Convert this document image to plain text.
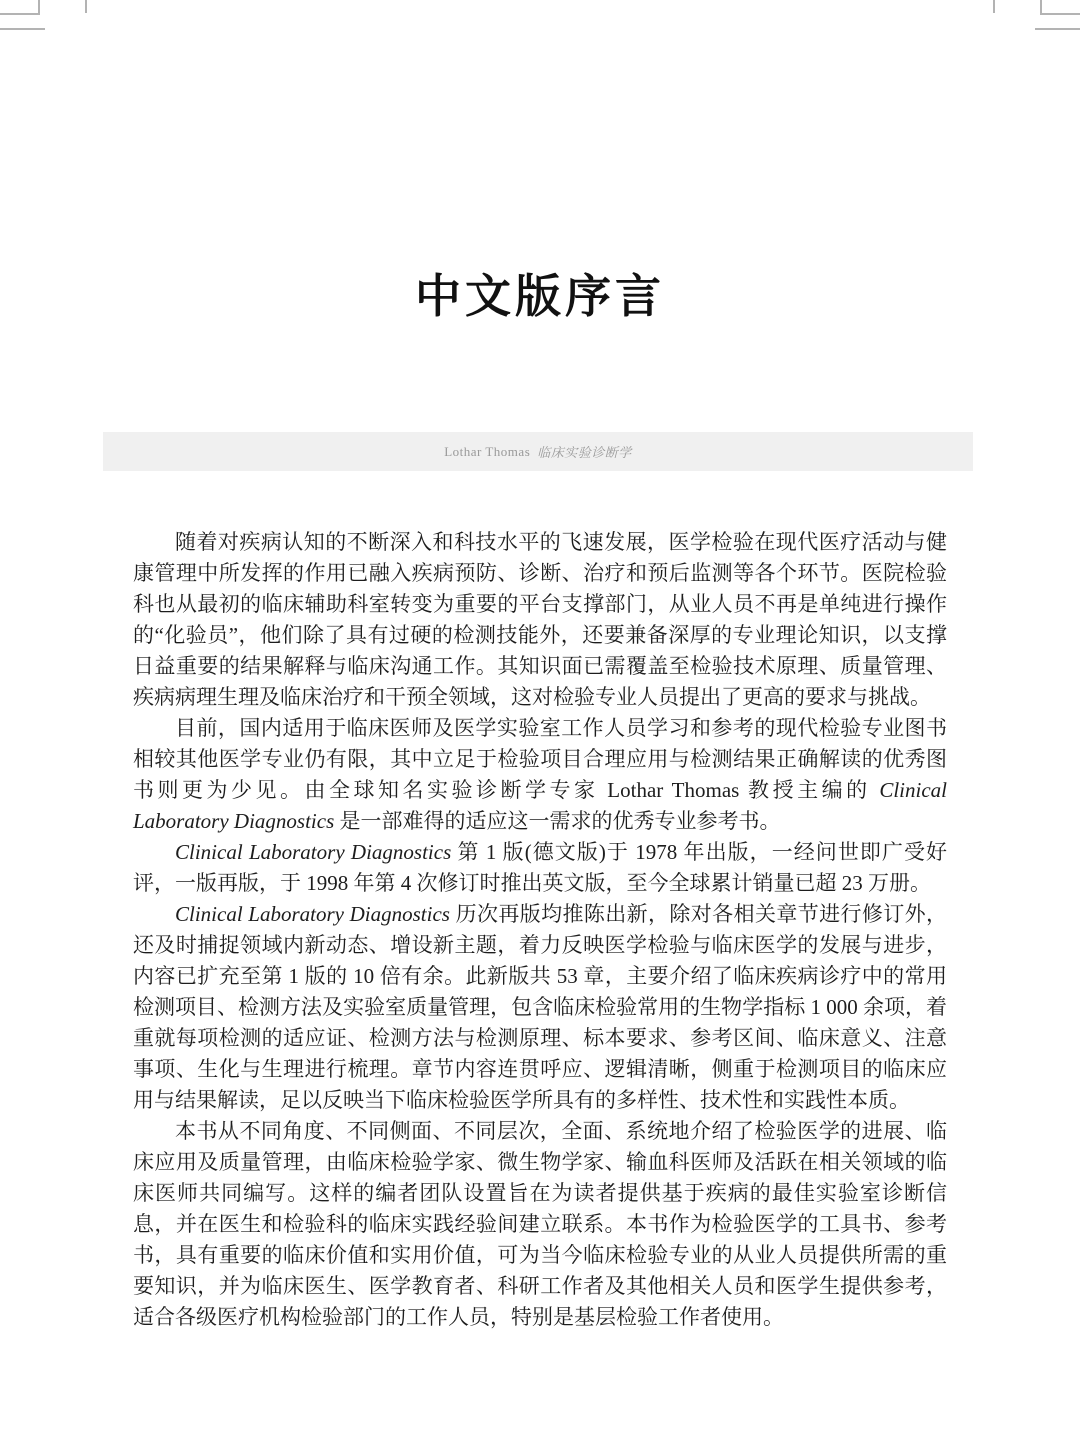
中文版序言
Lothar Thomas 临床实验诊断学

随着对疾病认知的不断深入和科技水平的飞速发展，医学检验在现代医疗活动与健康管理中所发挥的作用已融入疾病预防、诊断、治疗和预后监测等各个环节。医院检验科也从最初的临床辅助科室转变为重要的平台支撑部门，从业人员不再是单纯进行操作的“化验员”，他们除了具有过硬的检测技能外，还要兼备深厚的专业理论知识，以支撑日益重要的结果解释与临床沟通工作。其知识面已需覆盖至检验技术原理、质量管理、疾病病理生理及临床治疗和干预全领域，这对检验专业人员提出了更高的要求与挑战。

目前，国内适用于临床医师及医学实验室工作人员学习和参考的现代检验专业图书相较其他医学专业仍有限，其中立足于检验项目合理应用与检测结果正确解读的优秀图书则更为少见。由全球知名实验诊断学专家 Lothar Thomas 教授主编的 Clinical Laboratory Diagnostics 是一部难得的适应这一需求的优秀专业参考书。

Clinical Laboratory Diagnostics 第 1 版(德文版)于 1978 年出版，一经问世即广受好评，一版再版，于 1998 年第 4 次修订时推出英文版，至今全球累计销量已超 23 万册。

Clinical Laboratory Diagnostics 历次再版均推陈出新，除对各相关章节进行修订外，还及时捕捉领域内新动态、增设新主题，着力反映医学检验与临床医学的发展与进步，内容已扩充至第 1 版的 10 倍有余。此新版共 53 章，主要介绍了临床疾病诊疗中的常用检测项目、检测方法及实验室质量管理，包含临床检验常用的生物学指标 1 000 余项，着重就每项检测的适应证、检测方法与检测原理、标本要求、参考区间、临床意义、注意事项、生化与生理进行梳理。章节内容连贯呼应、逻辑清晰，侧重于检测项目的临床应用与结果解读，足以反映当下临床检验医学所具有的多样性、技术性和实践性本质。

本书从不同角度、不同侧面、不同层次，全面、系统地介绍了检验医学的进展、临床应用及质量管理，由临床检验学家、微生物学家、输血科医师及活跃在相关领域的临床医师共同编写。这样的编者团队设置旨在为读者提供基于疾病的最佳实验室诊断信息，并在医生和检验科的临床实践经验间建立联系。本书作为检验医学的工具书、参考书，具有重要的临床价值和实用价值，可为当今临床检验专业的从业人员提供所需的重要知识，并为临床医生、医学教育者、科研工作者及其他相关人员和医学生提供参考，适合各级医疗机构检验部门的工作人员，特别是基层检验工作者使用。
